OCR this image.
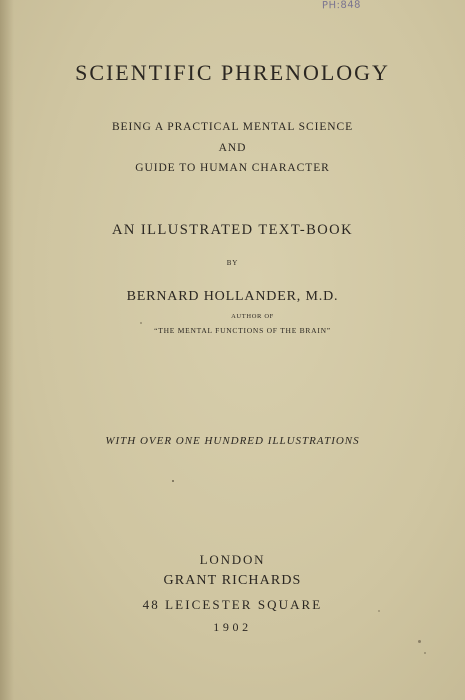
PH:848
SCIENTIFIC PHRENOLOGY
BEING A PRACTICAL MENTAL SCIENCE
AND
GUIDE TO HUMAN CHARACTER
AN ILLUSTRATED TEXT-BOOK
BY
BERNARD HOLLANDER, M.D.
AUTHOR OF
“THE MENTAL FUNCTIONS OF THE BRAIN”
WITH OVER ONE HUNDRED ILLUSTRATIONS
LONDON
GRANT RICHARDS
48 LEICESTER SQUARE
1902
